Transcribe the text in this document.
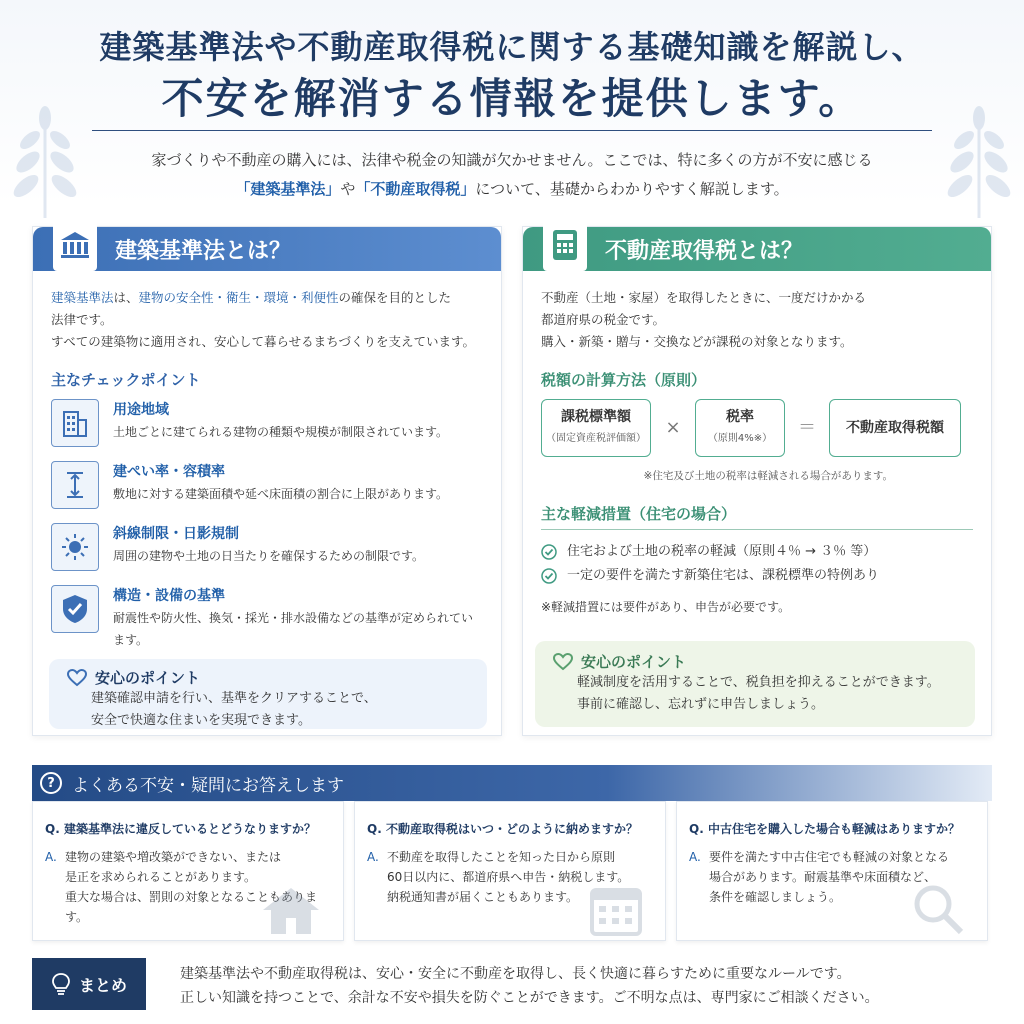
建築基準法や不動産取得税に関する基礎知識を解説し、
不安を解消する情報を提供します。
家づくりや不動産の購入には、法律や税金の知識が欠かせません。ここでは、特に多くの方が不安に感じる
「建築基準法」や「不動産取得税」について、基礎からわかりやすく解説します。
建築基準法とは？
建築基準法は、建物の安全性・衛生・環境・利便性の確保を目的とした
法律です。
すべての建築物に適用され、安心して暮らせるまちづくりを支えています。
主なチェックポイント
用途地域
土地ごとに建てられる建物の種類や規模が制限されています。
建ぺい率・容積率
敷地に対する建築面積や延べ床面積の割合に上限があります。
斜線制限・日影規制
周囲の建物や土地の日当たりを確保するための制限です。
構造・設備の基準
耐震性や防火性、換気・採光・排水設備などの基準が定められています。
安心のポイント
建築確認申請を行い、基準をクリアすることで、
安全で快適な住まいを実現できます。
不動産取得税とは？
不動産（土地・家屋）を取得したときに、一度だけかかる
都道府県の税金です。
購入・新築・贈与・交換などが課税の対象となります。
税額の計算方法（原則）
課税標準額
（固定資産税評価額）
×	税率
（原則4%※）
＝	不動産取得税額
※住宅及び土地の税率は軽減される場合があります。
主な軽減措置（住宅の場合）
住宅および土地の税率の軽減（原則４％ → ３％ 等）
一定の要件を満たす新築住宅は、課税標準の特例あり
※軽減措置には要件があり、申告が必要です。
安心のポイント
軽減制度を活用することで、税負担を抑えることができます。
事前に確認し、忘れずに申告しましょう。
?	よくある不安・疑問にお答えします
Q. 建築基準法に違反しているとどうなりますか？
A. 建物の建築や増改築ができない、または
是正を求められることがあります。
重大な場合は、罰則の対象となることもあります。
Q. 不動産取得税はいつ・どのように納めますか？
A. 不動産を取得したことを知った日から原則
60日以内に、都道府県へ申告・納税します。
納税通知書が届くこともあります。
Q. 中古住宅を購入した場合も軽減はありますか？
A. 要件を満たす中古住宅でも軽減の対象となる
場合があります。耐震基準や床面積など、
条件を確認しましょう。
まとめ
建築基準法や不動産取得税は、安心・安全に不動産を取得し、長く快適に暮らすために重要なルールです。
正しい知識を持つことで、余計な不安や損失を防ぐことができます。ご不明な点は、専門家にご相談ください。
